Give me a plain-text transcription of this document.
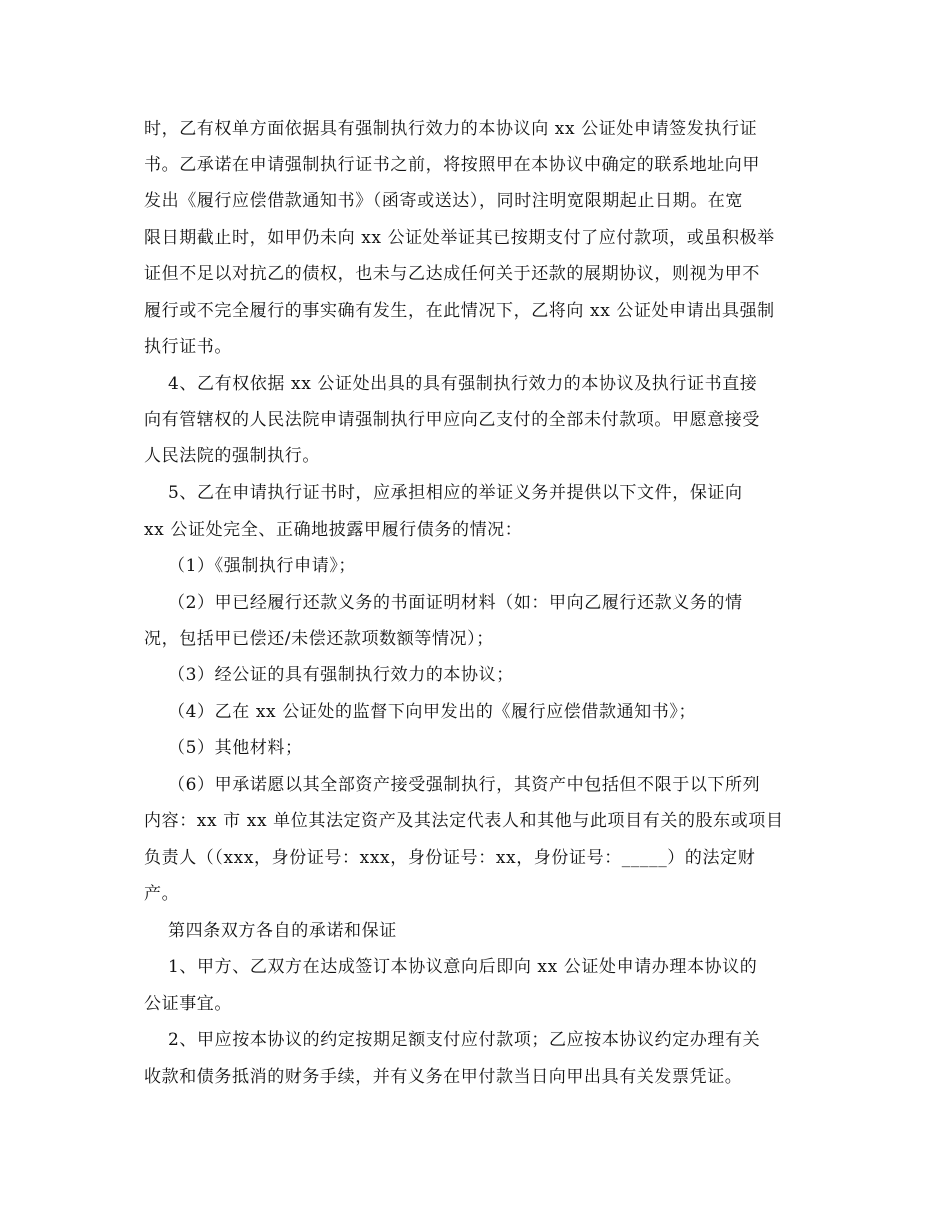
时，乙有权单方面依据具有强制执行效力的本协议向 xx 公证处申请签发执行证

书。乙承诺在申请强制执行证书之前，将按照甲在本协议中确定的联系地址向甲

发出《履行应偿借款通知书》（函寄或送达），同时注明宽限期起止日期。在宽

限日期截止时，如甲仍未向 xx 公证处举证其已按期支付了应付款项，或虽积极举

证但不足以对抗乙的债权，也未与乙达成任何关于还款的展期协议，则视为甲不

履行或不完全履行的事实确有发生，在此情况下，乙将向 xx 公证处申请出具强制

执行证书。

4、乙有权依据 xx 公证处出具的具有强制执行效力的本协议及执行证书直接

向有管辖权的人民法院申请强制执行甲应向乙支付的全部未付款项。甲愿意接受

人民法院的强制执行。

5、乙在申请执行证书时，应承担相应的举证义务并提供以下文件，保证向

xx 公证处完全、正确地披露甲履行债务的情况：

（1）《强制执行申请》；

（2）甲已经履行还款义务的书面证明材料（如：甲向乙履行还款义务的情

况，包括甲已偿还/未偿还款项数额等情况）；

（3）经公证的具有强制执行效力的本协议；

（4）乙在 xx 公证处的监督下向甲发出的《履行应偿借款通知书》；

（5）其他材料；

（6）甲承诺愿以其全部资产接受强制执行，其资产中包括但不限于以下所列

内容：xx 市 xx 单位其法定资产及其法定代表人和其他与此项目有关的股东或项目

负责人（（xxx，身份证号：xxx，身份证号：xx，身份证号：_____）的法定财

产。

第四条双方各自的承诺和保证

1、甲方、乙双方在达成签订本协议意向后即向 xx 公证处申请办理本协议的

公证事宜。

2、甲应按本协议的约定按期足额支付应付款项；乙应按本协议约定办理有关

收款和债务抵消的财务手续，并有义务在甲付款当日向甲出具有关发票凭证。
